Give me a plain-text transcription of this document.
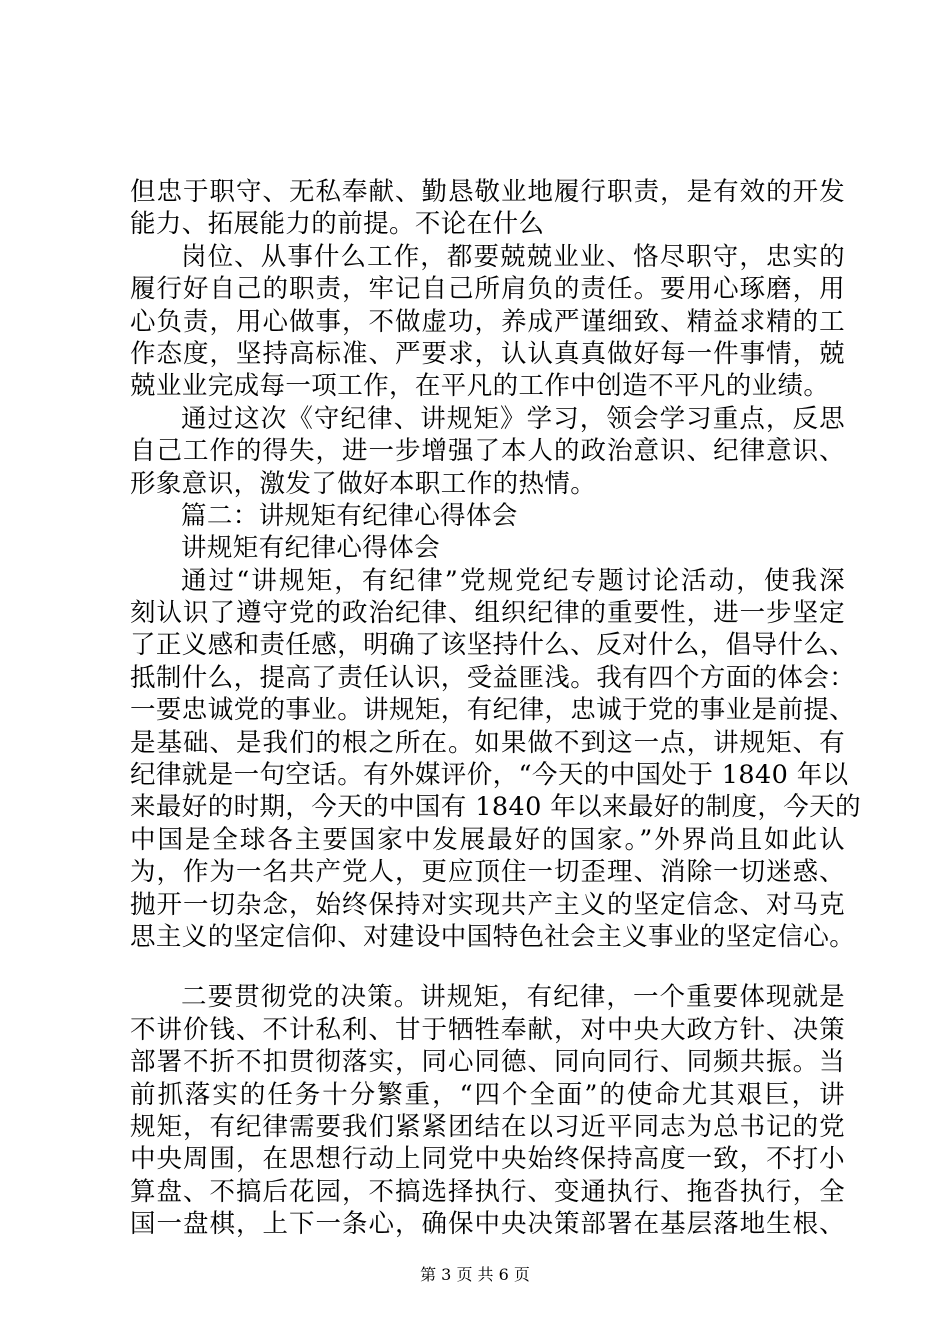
但忠于职守、无私奉献、勤恳敬业地履行职责，是有效的开发
能力、拓展能力的前提。不论在什么
岗位、从事什么工作，都要兢兢业业、恪尽职守，忠实的
履行好自己的职责，牢记自己所肩负的责任。要用心琢磨，用
心负责，用心做事，不做虚功，养成严谨细致、精益求精的工
作态度，坚持高标准、严要求，认认真真做好每一件事情，兢
兢业业完成每一项工作，在平凡的工作中创造不平凡的业绩。
通过这次《守纪律、讲规矩》学习，领会学习重点，反思
自己工作的得失，进一步增强了本人的政治意识、纪律意识、
形象意识，激发了做好本职工作的热情。
篇二：讲规矩有纪律心得体会
讲规矩有纪律心得体会
通过“讲规矩，有纪律”党规党纪专题讨论活动，使我深
刻认识了遵守党的政治纪律、组织纪律的重要性，进一步坚定
了正义感和责任感，明确了该坚持什么、反对什么，倡导什么、
抵制什么，提高了责任认识，受益匪浅。我有四个方面的体会：
一要忠诚党的事业。讲规矩，有纪律，忠诚于党的事业是前提、
是基础、是我们的根之所在。如果做不到这一点，讲规矩、有
纪律就是一句空话。有外媒评价，“今天的中国处于 1840 年以
来最好的时期，今天的中国有 1840 年以来最好的制度，今天的
中国是全球各主要国家中发展最好的国家。”外界尚且如此认
为，作为一名共产党人，更应顶住一切歪理、消除一切迷惑、
抛开一切杂念，始终保持对实现共产主义的坚定信念、对马克
思主义的坚定信仰、对建设中国特色社会主义事业的坚定信心。
二要贯彻党的决策。讲规矩，有纪律，一个重要体现就是
不讲价钱、不计私利、甘于牺牲奉献，对中央大政方针、决策
部署不折不扣贯彻落实，同心同德、同向同行、同频共振。当
前抓落实的任务十分繁重，“四个全面”的使命尤其艰巨，讲
规矩，有纪律需要我们紧紧团结在以习近平同志为总书记的党
中央周围，在思想行动上同党中央始终保持高度一致，不打小
算盘、不搞后花园，不搞选择执行、变通执行、拖沓执行，全
国一盘棋，上下一条心，确保中央决策部署在基层落地生根、
第 3 页 共 6 页
